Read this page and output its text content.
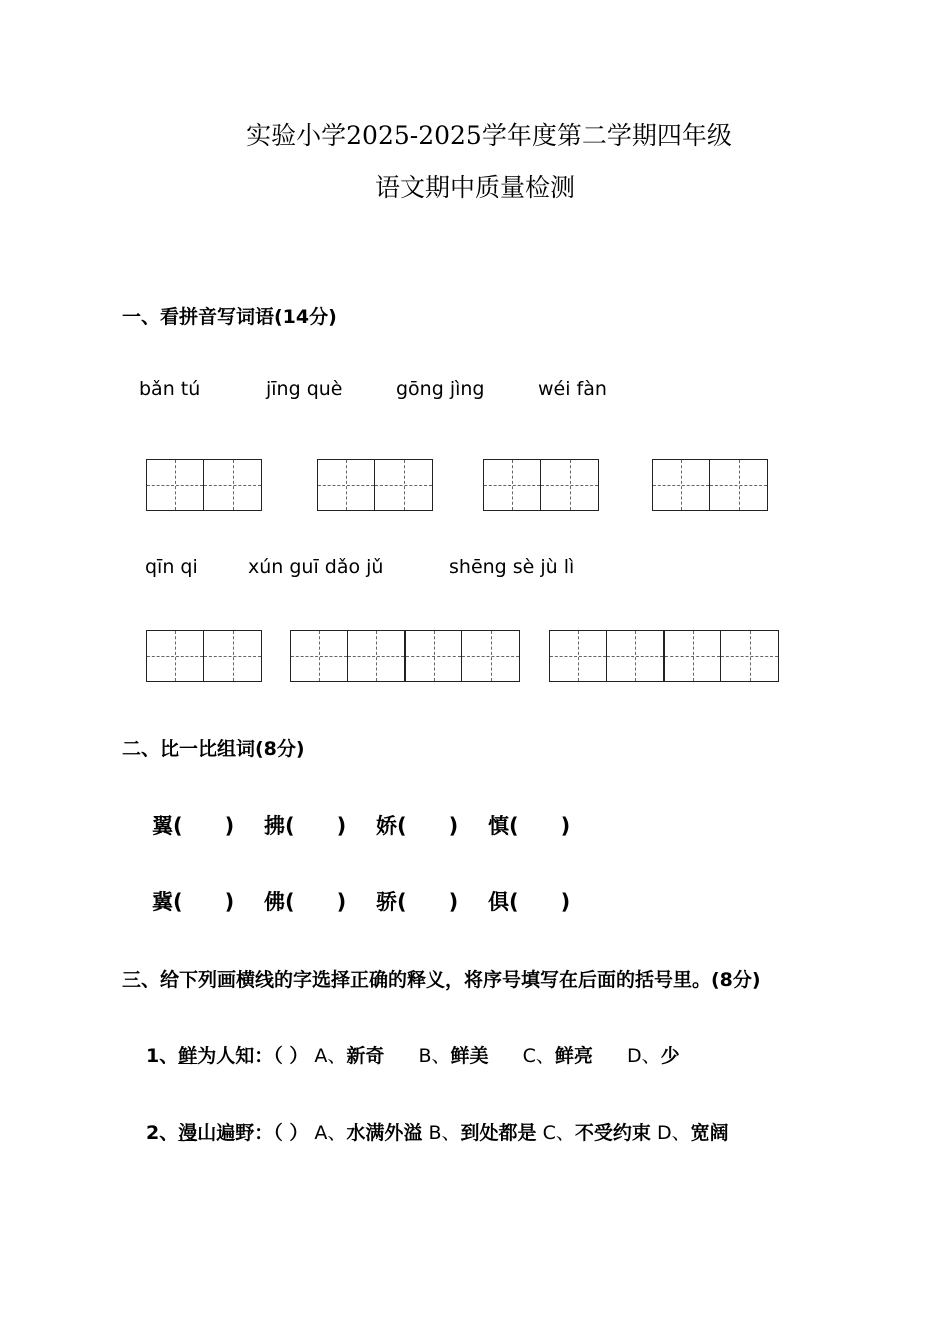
实验小学2025-2025学年度第二学期四年级
语文期中质量检测
一、看拼音写词语(14分)
bǎn tú	jīng què	gōng jìng	wéi fàn
qīn qi	xún guī dǎo jǔ	shēng sè jù lì
二、比一比组词(8分)
翼(　　) 拂(　　) 娇(　　) 慎(　　)
冀(　　) 佛(　　) 骄(　　) 俱(　　)
三、给下列画横线的字选择正确的释义，将序号填写在后面的括号里。(8分)
1、鲜为人知：（ ） A、新奇 B、鲜美 C、鲜亮 D、少
2、漫山遍野：（ ） A、水满外溢 B、到处都是 C、不受约束 D、宽阔
